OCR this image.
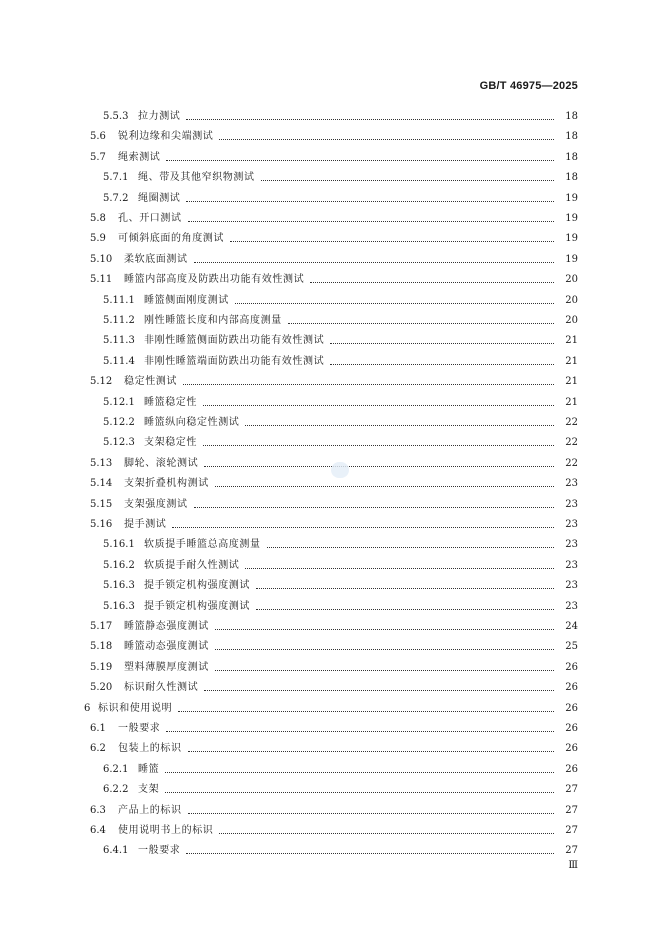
GB/T 46975—2025
5.5.3 拉力测试	18
5.6	锐利边缘和尖端测试	18
5.7	绳索测试	18
5.7.1 绳、带及其他窄织物测试	18
5.7.2 绳圈测试	19
5.8	孔、开口测试	19
5.9	可倾斜底面的角度测试	19
5.10	柔软底面测试	19
5.11	睡篮内部高度及防跌出功能有效性测试	20
5.11.1 睡篮侧面刚度测试	20
5.11.2 刚性睡篮长度和内部高度测量	20
5.11.3 非刚性睡篮侧面防跌出功能有效性测试	21
5.11.4 非刚性睡篮端面防跌出功能有效性测试	21
5.12	稳定性测试	21
5.12.1 睡篮稳定性	21
5.12.2 睡篮纵向稳定性测试	22
5.12.3 支架稳定性	22
5.13	脚轮、滚轮测试	22
5.14	支架折叠机构测试	23
5.15	支架强度测试	23
5.16	提手测试	23
5.16.1 软质提手睡篮总高度测量	23
5.16.2 软质提手耐久性测试	23
5.16.3 提手锁定机构强度测试	23
5.16.3 提手锁定机构强度测试	23
5.17	睡篮静态强度测试	24
5.18	睡篮动态强度测试	25
5.19	塑料薄膜厚度测试	26
5.20	标识耐久性测试	26
6 标识和使用说明	26
6.1	一般要求	26
6.2	包装上的标识	26
6.2.1 睡篮	26
6.2.2 支架	27
6.3	产品上的标识	27
6.4	使用说明书上的标识	27
6.4.1 一般要求	27
Ⅲ
